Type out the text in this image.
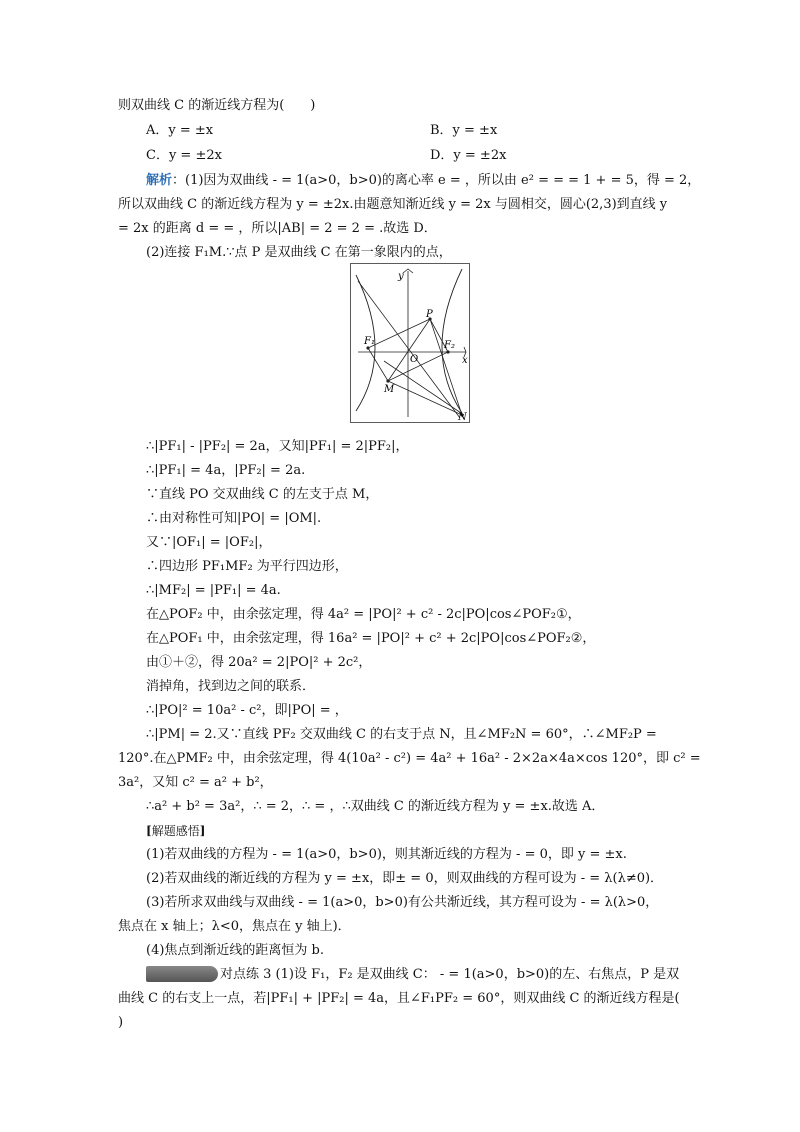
则双曲线 C 的渐近线方程为(　　)
A．y = ±x	B．y = ±x
C．y = ±2x	D．y = ±2x
解析：(1)因为双曲线 - = 1(a>0，b>0)的离心率 e = ，所以由 e² = = = 1 + = 5，得 = 2，
所以双曲线 C 的渐近线方程为 y = ±2x.由题意知渐近线 y = 2x 与圆相交，圆心(2,3)到直线 y
= 2x 的距离 d = = ，所以|AB| = 2 = 2 = .故选 D．
(2)连接 F₁M.∵点 P 是双曲线 C 在第一象限内的点，
y
x
P
F₁	F₂
O
M
N
∴|PF₁| - |PF₂| = 2a，又知|PF₁| = 2|PF₂|，
∴|PF₁| = 4a，|PF₂| = 2a.
∵直线 PO 交双曲线 C 的左支于点 M，
∴由对称性可知|PO| = |OM|.
又∵|OF₁| = |OF₂|，
∴四边形 PF₁MF₂ 为平行四边形，
∴|MF₂| = |PF₁| = 4a.
在△POF₂ 中，由余弦定理，得 4a² = |PO|² + c² - 2c|PO|cos∠POF₂①，
在△POF₁ 中，由余弦定理，得 16a² = |PO|² + c² + 2c|PO|cos∠POF₂②，
由①＋②，得 20a² = 2|PO|² + 2c²，
消掉角，找到边之间的联系．
∴|PO|² = 10a² - c²，即|PO| = ，
∴|PM| = 2.又∵直线 PF₂ 交双曲线 C 的右支于点 N，且∠MF₂N = 60°，∴∠MF₂P =
120°.在△PMF₂ 中，由余弦定理，得 4(10a² - c²) = 4a² + 16a² - 2×2a×4a×cos 120°，即 c² =
3a²，又知 c² = a² + b²，
∴a² + b² = 3a²，∴ = 2，∴ = ，∴双曲线 C 的渐近线方程为 y = ±x.故选 A．
[解题感悟]
(1)若双曲线的方程为 - = 1(a>0，b>0)，则其渐近线的方程为 - = 0，即 y = ±x.
(2)若双曲线的渐近线的方程为 y = ±x，即± = 0，则双曲线的方程可设为 - = λ(λ≠0)．
(3)若所求双曲线与双曲线 - = 1(a>0，b>0)有公共渐近线，其方程可设为 - = λ(λ>0，
焦点在 x 轴上；λ<0，焦点在 y 轴上)．
(4)焦点到渐近线的距离恒为 b.
对点练 3 (1)设 F₁，F₂ 是双曲线 C： - = 1(a>0，b>0)的左、右焦点，P 是双
曲线 C 的右支上一点，若|PF₁| + |PF₂| = 4a，且∠F₁PF₂ = 60°，则双曲线 C 的渐近线方程是(
)
